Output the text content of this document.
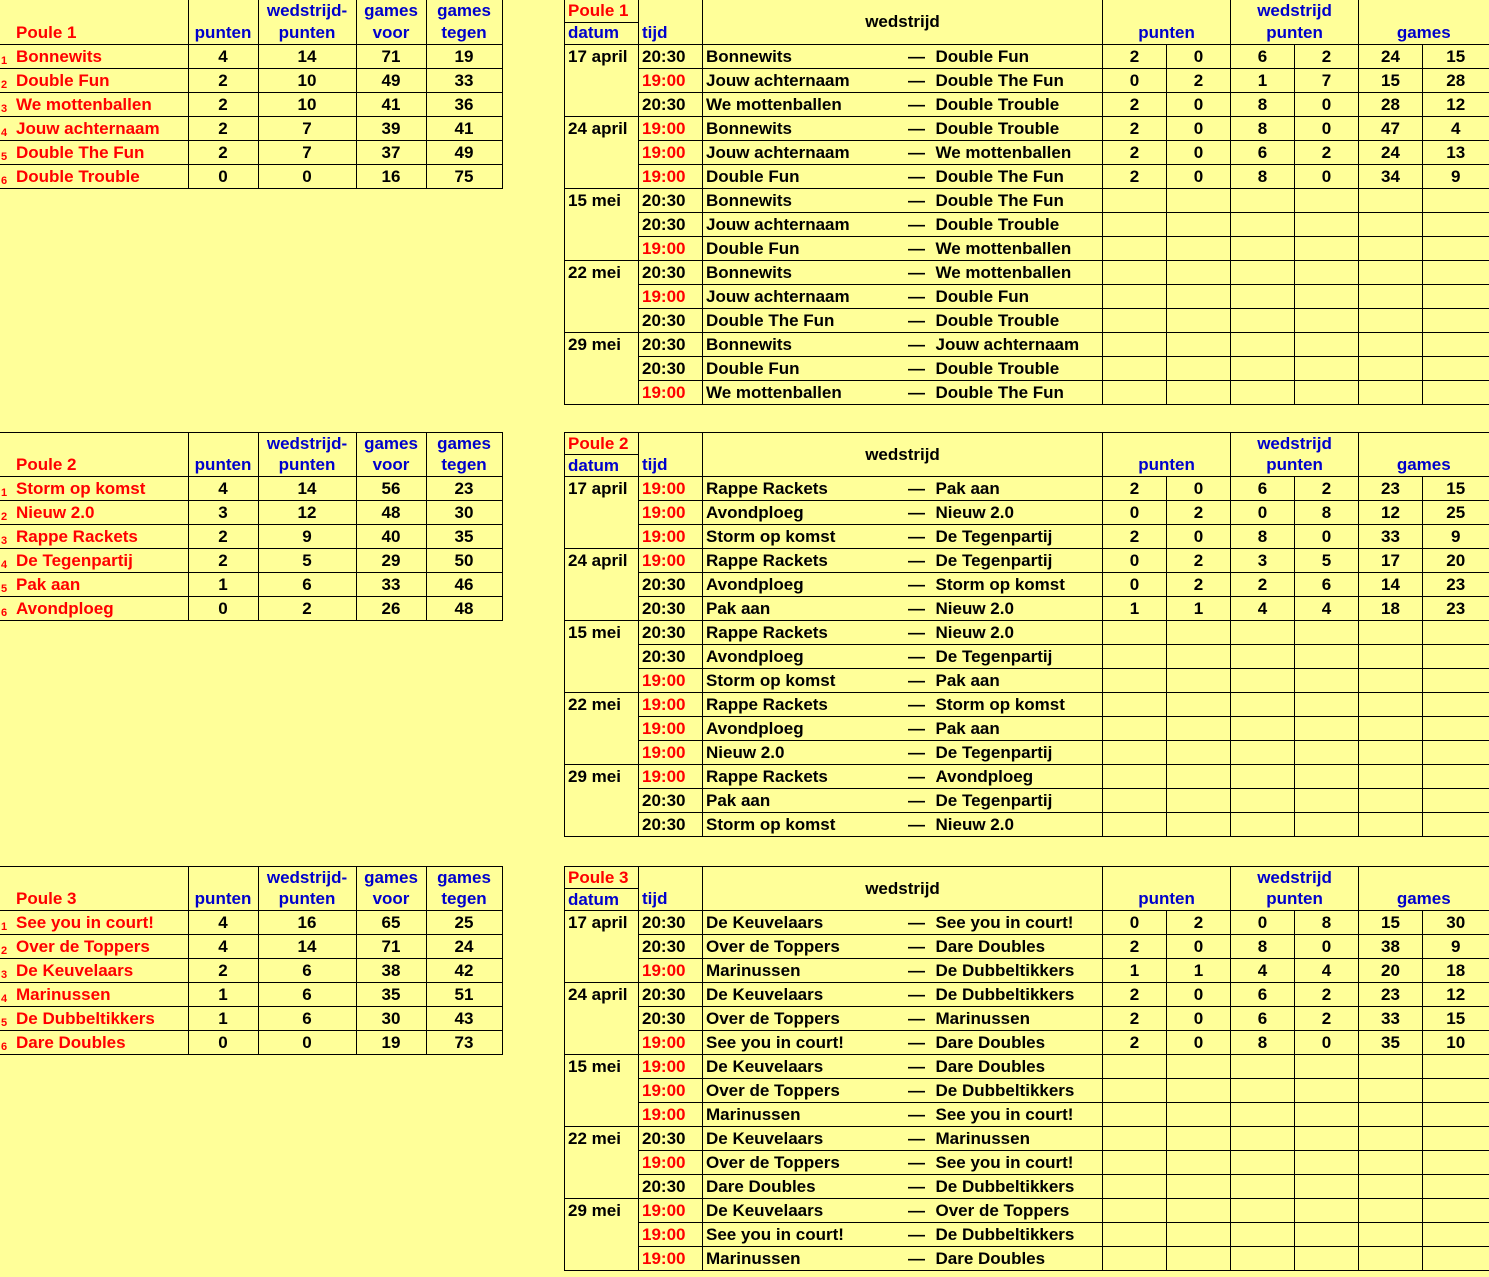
			wedstrijd-	games	games
	Poule 1	punten	punten	voor	tegen
1	Bonnewits	4	14	71	19
2	Double Fun	2	10	49	33
3	We mottenballen	2	10	41	36
4	Jouw achternaam	2	7	39	41
5	Double The Fun	2	7	37	49
6	Double Trouble	0	0	16	75
Poule 1		wedstrijd					wedstrijd			
datum	tijd				punten		punten		games	
17 april	20:30	Bonnewits	—	Double Fun	2	0	6	2	24	15
	19:00	Jouw achternaam	—	Double The Fun	0	2	1	7	15	28
	20:30	We mottenballen	—	Double Trouble	2	0	8	0	28	12
24 april	19:00	Bonnewits	—	Double Trouble	2	0	8	0	47	4
	19:00	Jouw achternaam	—	We mottenballen	2	0	6	2	24	13
	19:00	Double Fun	—	Double The Fun	2	0	8	0	34	9
15 mei	20:30	Bonnewits	—	Double The Fun						
	20:30	Jouw achternaam	—	Double Trouble						
	19:00	Double Fun	—	We mottenballen						
22 mei	20:30	Bonnewits	—	We mottenballen						
	19:00	Jouw achternaam	—	Double Fun						
	20:30	Double The Fun	—	Double Trouble						
29 mei	20:30	Bonnewits	—	Jouw achternaam						
	20:30	Double Fun	—	Double Trouble						
	19:00	We mottenballen	—	Double The Fun						
			wedstrijd-	games	games
	Poule 2	punten	punten	voor	tegen
1	Storm op komst	4	14	56	23
2	Nieuw 2.0	3	12	48	30
3	Rappe Rackets	2	9	40	35
4	De Tegenpartij	2	5	29	50
5	Pak aan	1	6	33	46
6	Avondploeg	0	2	26	48
Poule 2		wedstrijd					wedstrijd			
datum	tijd				punten		punten		games	
17 april	19:00	Rappe Rackets	—	Pak aan	2	0	6	2	23	15
	19:00	Avondploeg	—	Nieuw 2.0	0	2	0	8	12	25
	19:00	Storm op komst	—	De Tegenpartij	2	0	8	0	33	9
24 april	19:00	Rappe Rackets	—	De Tegenpartij	0	2	3	5	17	20
	20:30	Avondploeg	—	Storm op komst	0	2	2	6	14	23
	20:30	Pak aan	—	Nieuw 2.0	1	1	4	4	18	23
15 mei	20:30	Rappe Rackets	—	Nieuw 2.0						
	20:30	Avondploeg	—	De Tegenpartij						
	19:00	Storm op komst	—	Pak aan						
22 mei	19:00	Rappe Rackets	—	Storm op komst						
	19:00	Avondploeg	—	Pak aan						
	19:00	Nieuw 2.0	—	De Tegenpartij						
29 mei	19:00	Rappe Rackets	—	Avondploeg						
	20:30	Pak aan	—	De Tegenpartij						
	20:30	Storm op komst	—	Nieuw 2.0						
			wedstrijd-	games	games
	Poule 3	punten	punten	voor	tegen
1	See you in court!	4	16	65	25
2	Over de Toppers	4	14	71	24
3	De Keuvelaars	2	6	38	42
4	Marinussen	1	6	35	51
5	De Dubbeltikkers	1	6	30	43
6	Dare Doubles	0	0	19	73
Poule 3		wedstrijd					wedstrijd			
datum	tijd				punten		punten		games	
17 april	20:30	De Keuvelaars	—	See you in court!	0	2	0	8	15	30
	20:30	Over de Toppers	—	Dare Doubles	2	0	8	0	38	9
	19:00	Marinussen	—	De Dubbeltikkers	1	1	4	4	20	18
24 april	20:30	De Keuvelaars	—	De Dubbeltikkers	2	0	6	2	23	12
	20:30	Over de Toppers	—	Marinussen	2	0	6	2	33	15
	19:00	See you in court!	—	Dare Doubles	2	0	8	0	35	10
15 mei	19:00	De Keuvelaars	—	Dare Doubles						
	19:00	Over de Toppers	—	De Dubbeltikkers						
	19:00	Marinussen	—	See you in court!						
22 mei	20:30	De Keuvelaars	—	Marinussen						
	19:00	Over de Toppers	—	See you in court!						
	20:30	Dare Doubles	—	De Dubbeltikkers						
29 mei	19:00	De Keuvelaars	—	Over de Toppers						
	19:00	See you in court!	—	De Dubbeltikkers						
	19:00	Marinussen	—	Dare Doubles						
